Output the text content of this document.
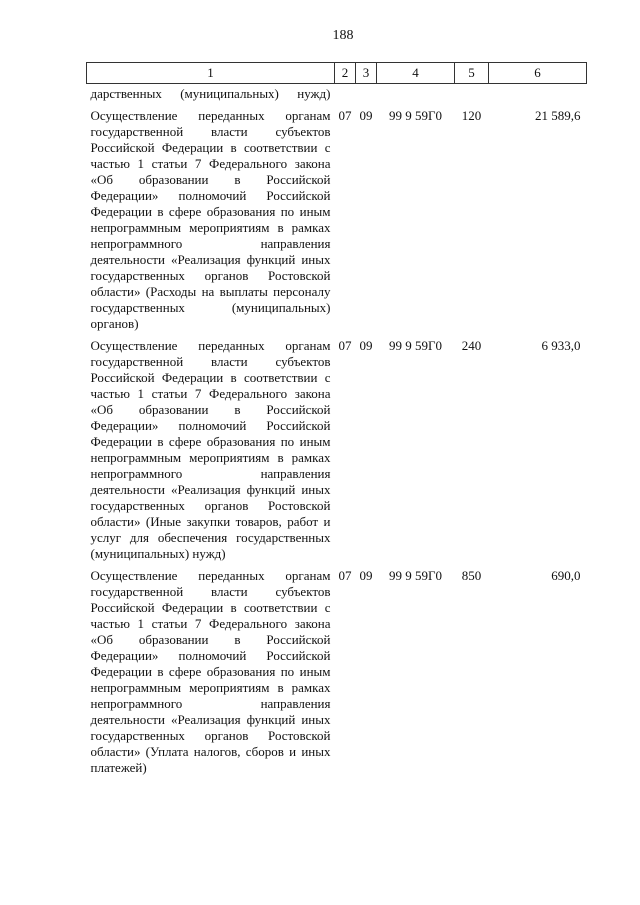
188
1	2	3	4	5	6
дарственных (муниципальных) нужд)					
Осуществление переданных органам государственной власти субъектов Российской Федерации в соответствии с частью 1 статьи 7 Федерального закона «Об образовании в Российской Федерации» полномочий Российской Федерации в сфере образования по иным непрограммным мероприятиям в рамках непрограммного направления деятельности «Реализация функций иных государственных органов Ростовской области» (Расходы на выплаты персоналу государственных (муниципальных) органов)	07	09	99 9 59Г0	120	21 589,6
Осуществление переданных органам государственной власти субъектов Российской Федерации в соответствии с частью 1 статьи 7 Федерального закона «Об образовании в Российской Федерации» полномочий Российской Федерации в сфере образования по иным непрограммным мероприятиям в рамках непрограммного направления деятельности «Реализация функций иных государственных органов Ростовской области» (Иные закупки товаров, работ и услуг для обеспечения государственных (муниципальных) нужд)	07	09	99 9 59Г0	240	6 933,0
Осуществление переданных органам государственной власти субъектов Российской Федерации в соответствии с частью 1 статьи 7 Федерального закона «Об образовании в Российской Федерации» полномочий Российской Федерации в сфере образования по иным непрограммным мероприятиям в рамках непрограммного направления деятельности «Реализация функций иных государственных органов Ростовской области» (Уплата налогов, сборов и иных платежей)	07	09	99 9 59Г0	850	690,0
